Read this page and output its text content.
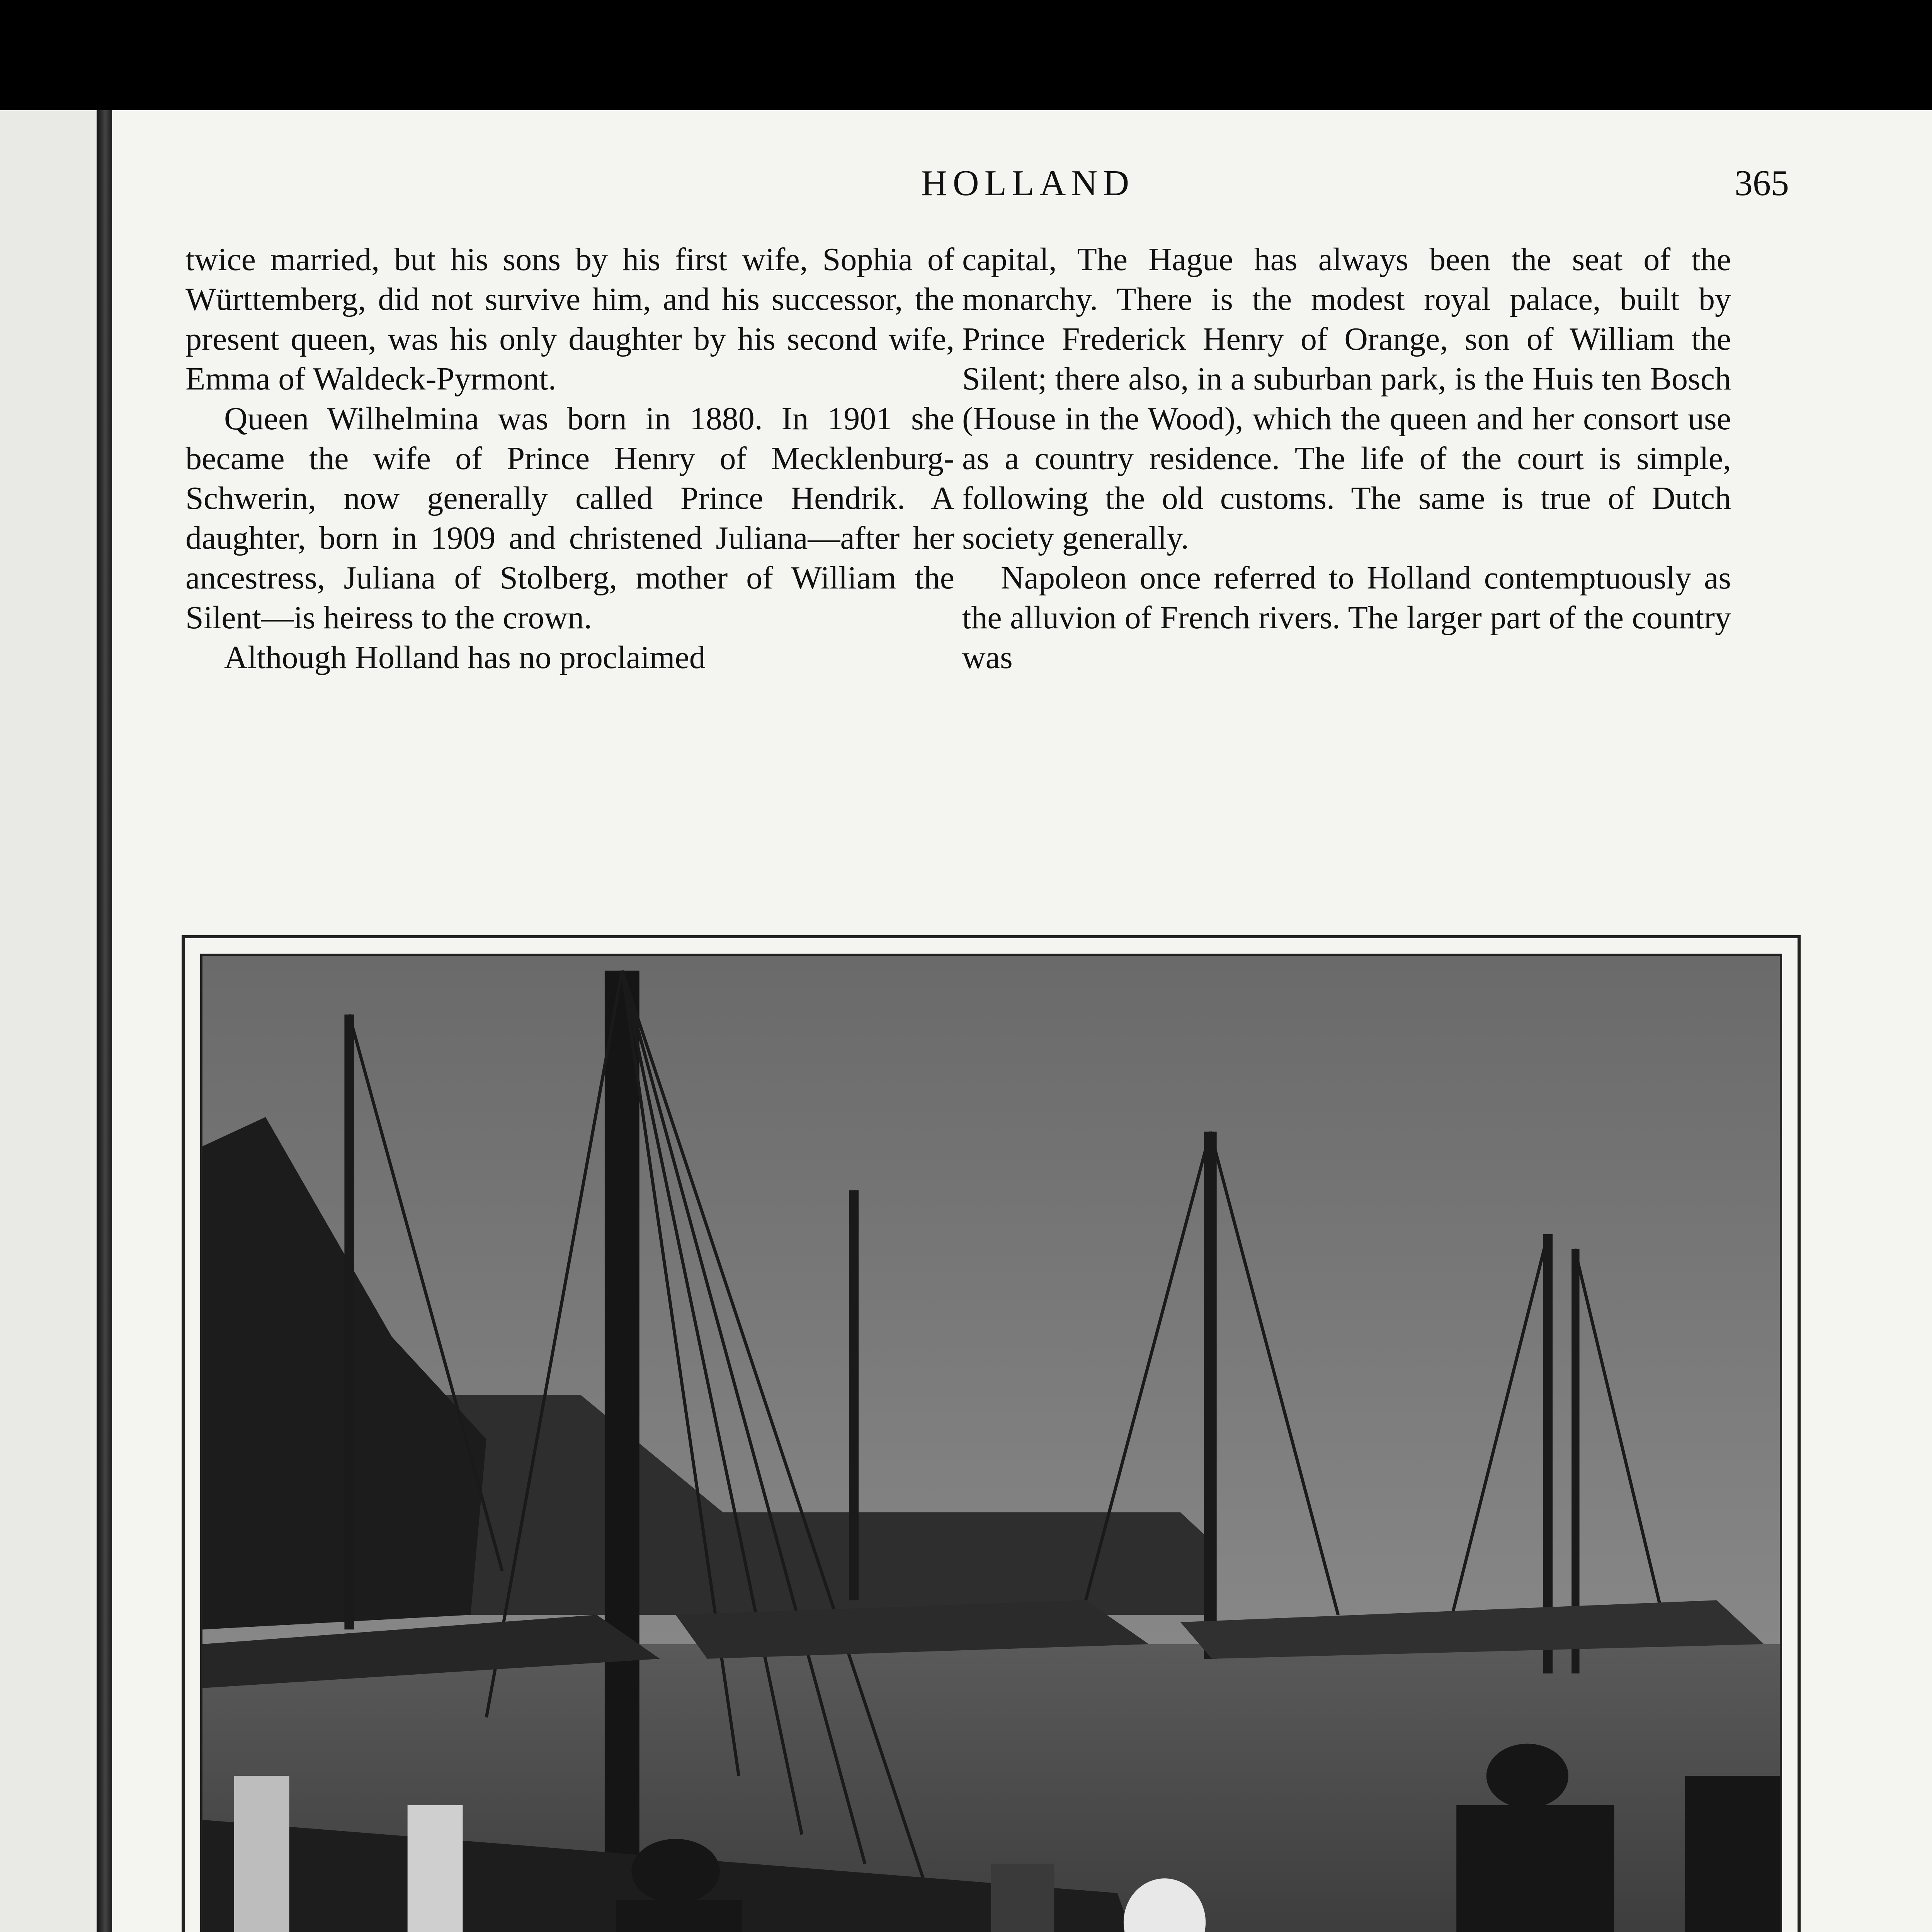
HOLLAND	365

twice married, but his sons by his first wife, Sophia of Württemberg, did not survive him, and his successor, the present queen, was his only daughter by his second wife, Emma of Waldeck-Pyrmont.

Queen Wilhelmina was born in 1880. In 1901 she became the wife of Prince Henry of Mecklenburg-Schwerin, now generally called Prince Hendrik. A daughter, born in 1909 and christened Juliana—after her ancestress, Juliana of Stolberg, mother of William the Silent—is heiress to the crown.

Although Holland has no proclaimed

capital, The Hague has always been the seat of the monarchy. There is the modest royal palace, built by Prince Frederick Henry of Orange, son of William the Silent; there also, in a suburban park, is the Huis ten Bosch (House in the Wood), which the queen and her consort use as a country residence. The life of the court is simple, following the old customs. The same is true of Dutch society generally.

Napoleon once referred to Holland contemptuously as the alluvion of French rivers. The larger part of the country was
